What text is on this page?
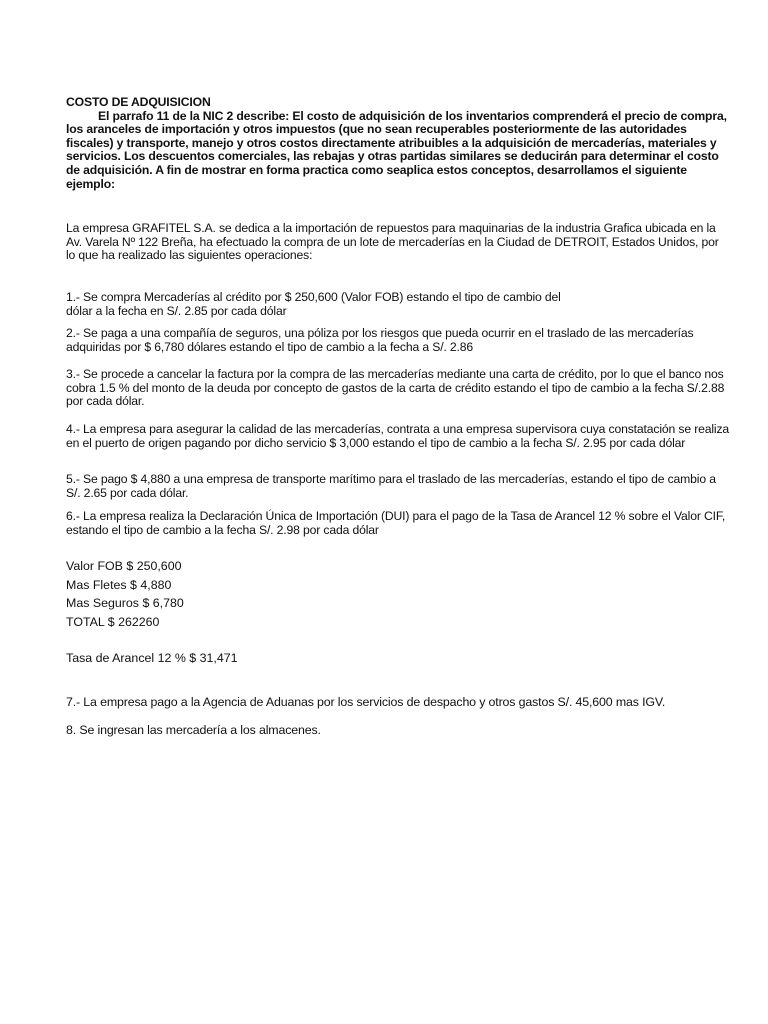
COSTO DE ADQUISICION

El parrafo 11 de la NIC 2 describe: El costo de adquisición de los inventarios comprenderá el precio de compra, los aranceles de importación y otros impuestos (que no sean recuperables posteriormente de las autoridades fiscales) y transporte, manejo y otros costos directamente atribuibles a la adquisición de mercaderías, materiales y servicios. Los descuentos comerciales, las rebajas y otras partidas similares se deducirán para determinar el costo de adquisición. A fin de mostrar en forma practica como seaplica estos conceptos, desarrollamos el siguiente ejemplo:

La empresa GRAFITEL S.A. se dedica a la importación de repuestos para maquinarias de la industria Grafica ubicada en la Av. Varela Nº 122 Breña, ha efectuado la compra de un lote de mercaderías en la Ciudad de DETROIT, Estados Unidos, por lo que ha realizado las siguientes operaciones:

1.- Se compra Mercaderías al crédito por $ 250,600 (Valor FOB) estando el tipo de cambio del

dólar a la fecha en S/. 2.85 por cada dólar

2.- Se paga a una compañía de seguros, una póliza por los riesgos que pueda ocurrir en el traslado de las mercaderías adquiridas por $ 6,780 dólares estando el tipo de cambio a la fecha a S/. 2.86

3.- Se procede a cancelar la factura por la compra de las mercaderías mediante una carta de crédito, por lo que el banco nos cobra 1.5 % del monto de la deuda por concepto de gastos de la carta de crédito estando el tipo de cambio a la fecha S/.2.88 por cada dólar.

4.- La empresa para asegurar la calidad de las mercaderías, contrata a una empresa supervisora cuya constatación se realiza en el puerto de origen pagando por dicho servicio $ 3,000 estando el tipo de cambio a la fecha S/. 2.95 por cada dólar

5.- Se pago $ 4,880 a una empresa de transporte marítimo para el traslado de las mercaderías, estando el tipo de cambio a S/. 2.65 por cada dólar.

6.- La empresa realiza la Declaración Única de Importación (DUI) para el pago de la Tasa de Arancel 12 % sobre el Valor CIF, estando el tipo de cambio a la fecha S/. 2.98 por cada dólar

Valor FOB $ 250,600

Mas Fletes $ 4,880

Mas Seguros $ 6,780

TOTAL $ 262260

Tasa de Arancel 12 % $ 31,471

7.- La empresa pago a la Agencia de Aduanas por los servicios de despacho y otros gastos S/. 45,600 mas IGV.

8. Se ingresan las mercadería a los almacenes.
